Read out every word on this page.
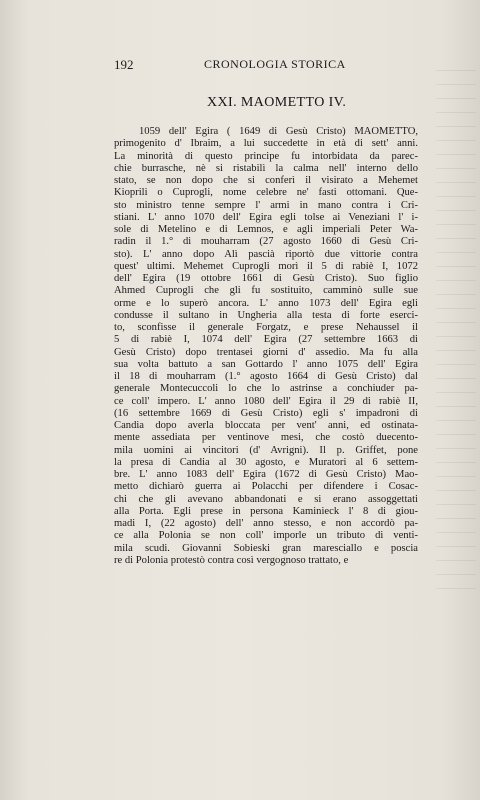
192	CRONOLOGIA STORICA
XXI. MAOMETTO IV.
1059 dell' Egira ( 1649 di Gesù Cristo) MAOMETTO,
primogenito d' Ibraim, a lui succedette in età di sett' anni.
La minorità di questo principe fu intorbidata da parec-
chie burrasche, nè si ristabilì la calma nell' interno dello
stato, se non dopo che si conferì il visirato a Mehemet
Kioprili o Cuprogli, nome celebre ne' fasti ottomani. Que-
sto ministro tenne sempre l' armi in mano contra i Cri-
stiani. L' anno 1070 dell' Egira egli tolse ai Veneziani l' i-
sole di Metelino e di Lemnos, e agli imperiali Peter Wa-
radin il 1.° di mouharram (27 agosto 1660 di Gesù Cri-
sto). L' anno dopo Alì pascià riportò due vittorie contra
quest' ultimi. Mehemet Cuprogli morì il 5 di rabiè I, 1072
dell' Egira (19 ottobre 1661 di Gesù Cristo). Suo figlio
Ahmed Cuprogli che gli fu sostituito, camminò sulle sue
orme e lo superò ancora. L' anno 1073 dell' Egira egli
condusse il sultano in Ungheria alla testa di forte eserci-
to, sconfisse il generale Forgatz, e prese Nehaussel il
5 di rabiè I, 1074 dell' Egira (27 settembre 1663 di
Gesù Cristo) dopo trentasei giorni d' assedio. Ma fu alla
sua volta battuto a san Gottardo l' anno 1075 dell' Egira
il 18 di mouharram (1.° agosto 1664 di Gesù Cristo) dal
generale Montecuccoli lo che lo astrinse a conchiuder pa-
ce coll' impero. L' anno 1080 dell' Egira il 29 di rabiè II,
(16 settembre 1669 di Gesù Cristo) egli s' impadronì di
Candia dopo averla bloccata per vent' anni, ed ostinata-
mente assediata per ventinove mesi, che costò duecento-
mila uomini ai vincitori (d' Avrigni). Il p. Griffet, pone
la presa di Candia al 30 agosto, e Muratori al 6 settem-
bre. L' anno 1083 dell' Egira (1672 di Gesù Cristo) Mao-
metto dichiarò guerra ai Polacchi per difendere i Cosac-
chi che gli avevano abbandonati e si erano assoggettati
alla Porta. Egli prese in persona Kaminieck l' 8 di giou-
madi I, (22 agosto) dell' anno stesso, e non accordò pa-
ce alla Polonia se non coll' imporle un tributo di venti-
mila scudi. Giovanni Sobieski gran maresciallo e poscia
re di Polonia protestò contra così vergognoso trattato, e
